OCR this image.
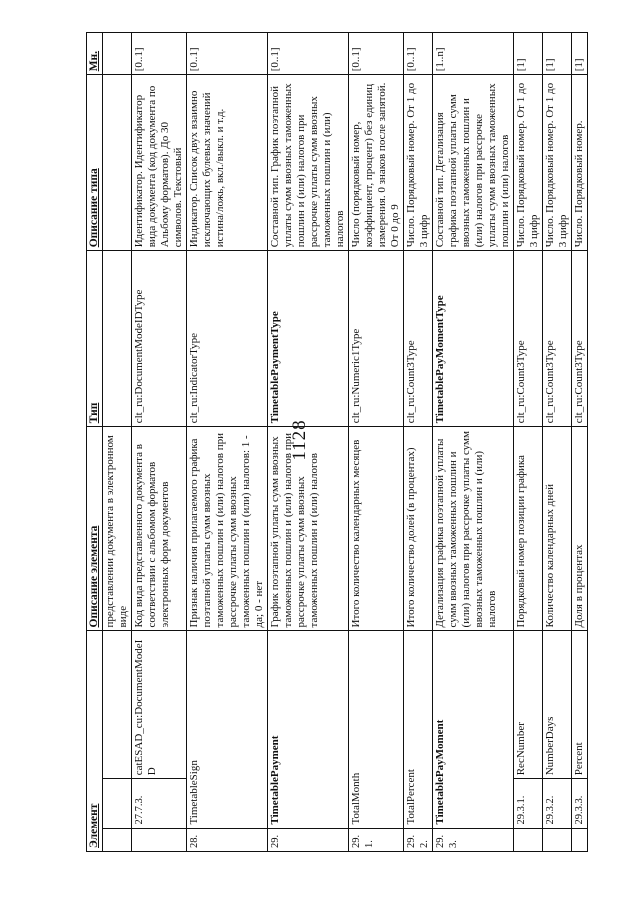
1128
Элемент			Описание элемента	Тип	Описание типа	Мн.
			представлении документа в электронном виде			
	27.7.3.	catESAD_cu:DocumentModeID	Код вида представленного документа в соответствии с альбомом форматов электронных форм документов	clt_ru:DocumentModeIDType	Идентификатор. Идентификатор вида документа (код документа по Альбому форматов). До 30 символов. Текстовый	[0..1]
28.	TimetableSign		Признак наличия прилагаемого графика поэтапной уплаты сумм ввозных таможенных пошлин и (или) налогов при рассрочке уплаты сумм ввозных таможенных пошлин и (или) налогов: 1 - да; 0 - нет	clt_ru:IndicatorType	Индикатор. Список двух взаимно исключающих булевых значений истина/ложь, вкл./выкл. и т.д.	[0..1]
29.	TimetablePayment		График поэтапной уплаты сумм ввозных таможенных пошлин и (или) налогов при рассрочке уплаты сумм ввозных таможенных пошлин и (или) налогов	TimetablePaymentType	Составной тип. График поэтапной уплаты сумм ввозных таможенных пошлин и (или) налогов при рассрочке уплаты сумм ввозных таможенных пошлин и (или) налогов	[0..1]
29.1.	TotalMonth		Итого количество календарных месяцев	clt_ru:Numeric1Type	Число (порядковый номер, коэффициент, процент) без единиц измерения. 0 знаков после запятой. От 0 до 9	[0..1]
29.2.	TotalPercent		Итого количество долей (в процентах)	clt_ru:Count3Type	Число. Порядковый номер. От 1 до 3 цифр	[0..1]
29.3.	TimetablePayMoment		Детализация графика поэтапной уплаты сумм ввозных таможенных пошлин и (или) налогов при рассрочке уплаты сумм ввозных таможенных пошлин и (или) налогов	TimetablePayMomentType	Составной тип. Детализация графика поэтапной уплаты сумм ввозных таможенных пошлин и (или) налогов при рассрочке уплаты сумм ввозных таможенных пошлин и (или) налогов	[1..n]
	29.3.1.	RecNumber	Порядковый номер позиции графика	clt_ru:Count3Type	Число. Порядковый номер. От 1 до 3 цифр	[1]
	29.3.2.	NumberDays	Количество календарных дней	clt_ru:Count3Type	Число. Порядковый номер. От 1 до 3 цифр	[1]
	29.3.3.	Percent	Доля в процентах	clt_ru:Count3Type	Число. Порядковый номер.	[1]
